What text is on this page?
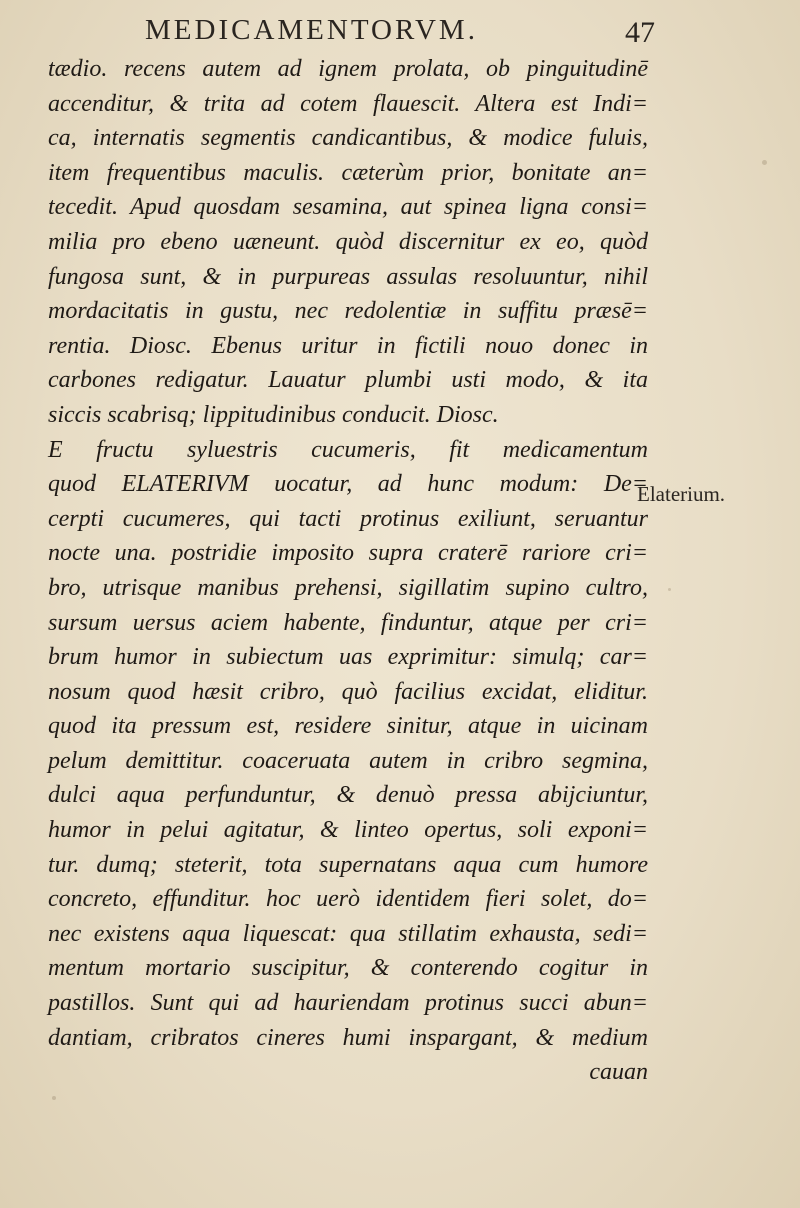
MEDICAMENTORVM.	47
tædio. recens autem ad ignem prolata, ob pinguitudinē
accenditur, & trita ad cotem flauescit. Altera est Indi=
ca, internatis segmentis candicantibus, & modice fuluis,
item frequentibus maculis. cæterùm prior, bonitate an=
tecedit. Apud quosdam sesamina, aut spinea ligna consi=
milia pro ebeno uæneunt. quòd discernitur ex eo, quòd
fungosa sunt, & in purpureas assulas resoluuntur, nihil
mordacitatis in gustu, nec redolentiæ in suffitu præsē=
rentia. Diosc. Ebenus uritur in fictili nouo donec in
carbones redigatur. Lauatur plumbi usti modo, & ita
siccis scabrisq; lippitudinibus conducit. Diosc.
E fructu syluestris cucumeris, fit medicamentum
quod ELATERIVM uocatur, ad hunc modum: De=
cerpti cucumeres, qui tacti protinus exiliunt, seruantur
nocte una. postridie imposito supra craterē rariore cri=
bro, utrisque manibus prehensi, sigillatim supino cultro,
sursum uersus aciem habente, finduntur, atque per cri=
brum humor in subiectum uas exprimitur: simulq; car=
nosum quod hæsit cribro, quò facilius excidat, eliditur.
quod ita pressum est, residere sinitur, atque in uicinam
pelum demittitur. coaceruata autem in cribro segmina,
dulci aqua perfunduntur, & denuò pressa abijciuntur,
humor in pelui agitatur, & linteo opertus, soli exponi=
tur. dumq; steterit, tota supernatans aqua cum humore
concreto, effunditur. hoc uerò identidem fieri solet, do=
nec existens aqua liquescat: qua stillatim exhausta, sedi=
mentum mortario suscipitur, & conterendo cogitur in
pastillos. Sunt qui ad hauriendam protinus succi abun=
dantiam, cribratos cineres humi inspargant, & medium
cauan
Elaterium.
